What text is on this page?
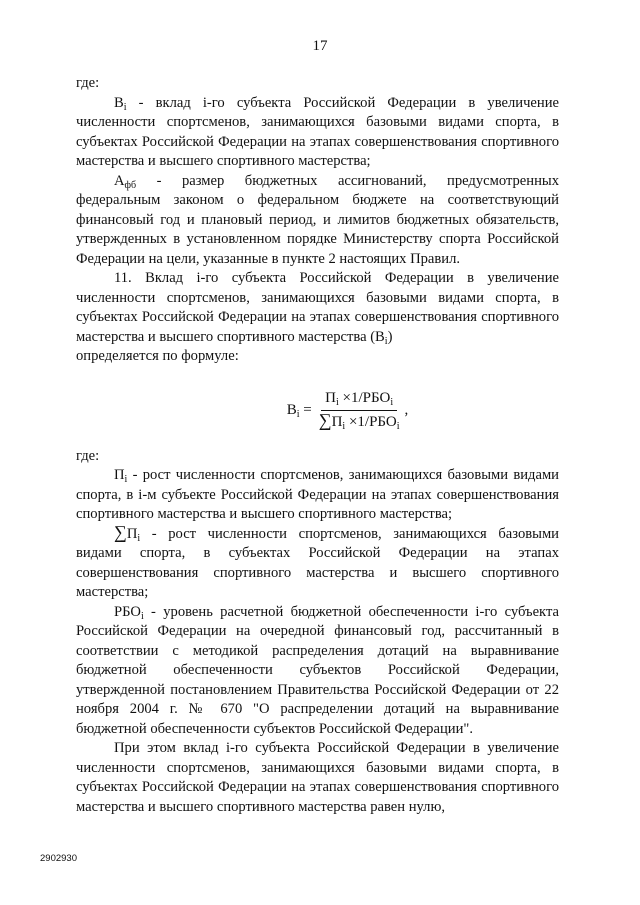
17

где:

$B_i$ - вклад i-го субъекта Российской Федерации в увеличение численности спортсменов, занимающихся базовыми видами спорта, в субъектах Российской Федерации на этапах совершенствования спортивного мастерства и высшего спортивного мастерства;

$A_{фб}$ - размер бюджетных ассигнований, предусмотренных федеральным законом о федеральном бюджете на соответствующий финансовый год и плановый период, и лимитов бюджетных обязательств, утвержденных в установленном порядке Министерству спорта Российской Федерации на цели, указанные в пункте 2 настоящих Правил.

11. Вклад i-го субъекта Российской Федерации в увеличение численности спортсменов, занимающихся базовыми видами спорта, в субъектах Российской Федерации на этапах совершенствования спортивного мастерства и высшего спортивного мастерства $(B_i)$
определяется по формуле:

$B_i = \frac{П_i \times 1/РБО_i}{\sum П_i \times 1/РБО_i}$ ,

где:

$П_i$ - рост численности спортсменов, занимающихся базовыми видами спорта, в i-м субъекте Российской Федерации на этапах совершенствования спортивного мастерства и высшего спортивного мастерства;

$\sum П_i$ - рост численности спортсменов, занимающихся базовыми видами спорта, в субъектах Российской Федерации на этапах совершенствования спортивного мастерства и высшего спортивного мастерства;

$РБО_i$ - уровень расчетной бюджетной обеспеченности i-го субъекта Российской Федерации на очередной финансовый год, рассчитанный в соответствии с методикой распределения дотаций на выравнивание бюджетной обеспеченности субъектов Российской Федерации, утвержденной постановлением Правительства Российской Федерации от 22 ноября 2004 г. № 670 "О распределении дотаций на выравнивание бюджетной обеспеченности субъектов Российской Федерации".

При этом вклад i-го субъекта Российской Федерации в увеличение численности спортсменов, занимающихся базовыми видами спорта, в субъектах Российской Федерации на этапах совершенствования спортивного мастерства и высшего спортивного мастерства равен нулю,

2902930
